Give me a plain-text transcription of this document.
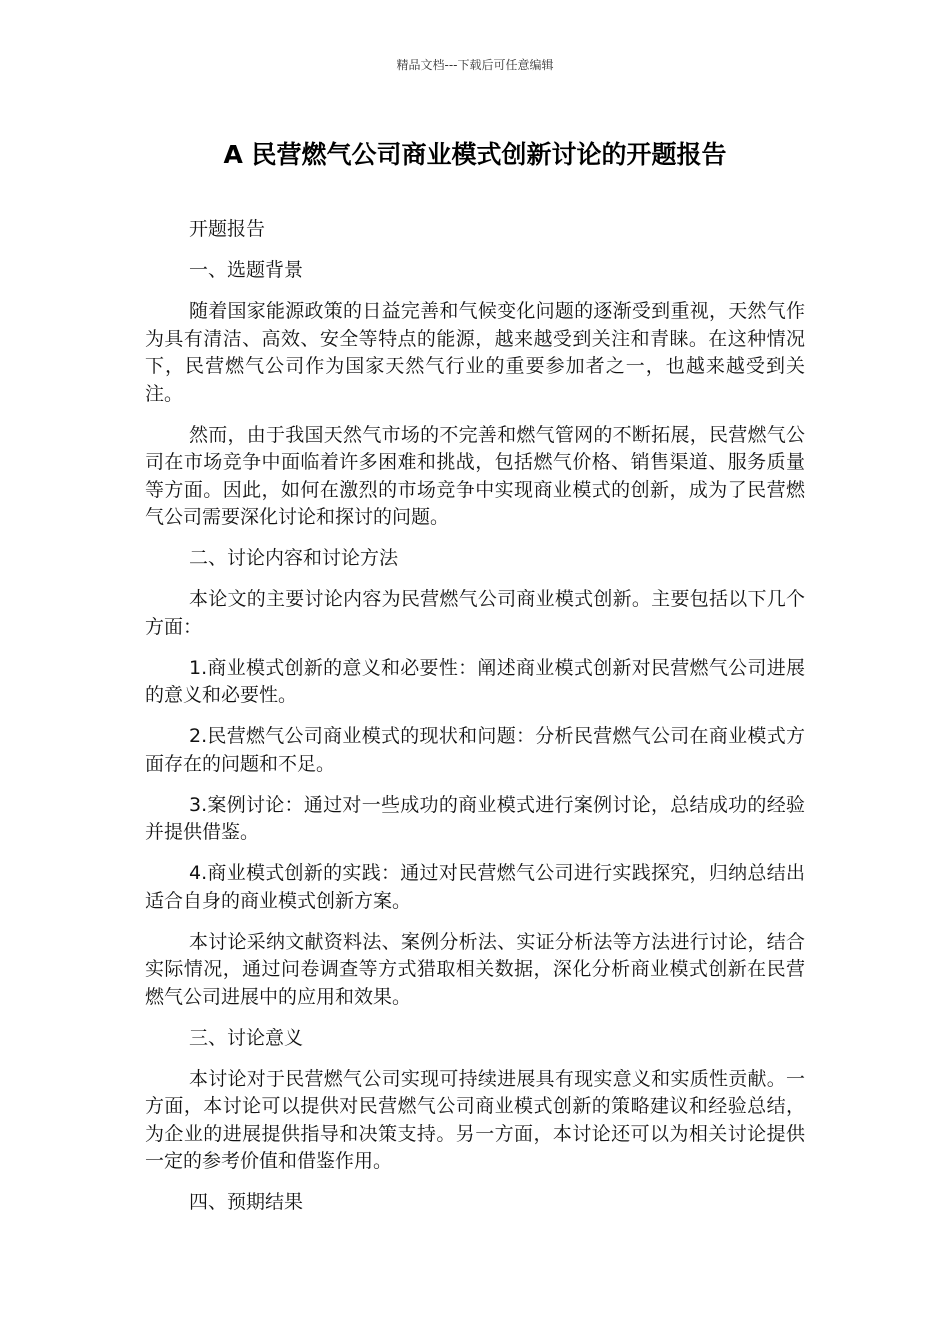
精品文档---下载后可任意编辑
A 民营燃气公司商业模式创新讨论的开题报告

开题报告

一、选题背景

随着国家能源政策的日益完善和气候变化问题的逐渐受到重视，天然气作为具有清洁、高效、安全等特点的能源，越来越受到关注和青睐。在这种情况下，民营燃气公司作为国家天然气行业的重要参加者之一，也越来越受到关注。

然而，由于我国天然气市场的不完善和燃气管网的不断拓展，民营燃气公司在市场竞争中面临着许多困难和挑战，包括燃气价格、销售渠道、服务质量等方面。因此，如何在激烈的市场竞争中实现商业模式的创新，成为了民营燃气公司需要深化讨论和探讨的问题。

二、讨论内容和讨论方法

本论文的主要讨论内容为民营燃气公司商业模式创新。主要包括以下几个方面：

1.商业模式创新的意义和必要性：阐述商业模式创新对民营燃气公司进展的意义和必要性。

2.民营燃气公司商业模式的现状和问题：分析民营燃气公司在商业模式方面存在的问题和不足。

3.案例讨论：通过对一些成功的商业模式进行案例讨论，总结成功的经验并提供借鉴。

4.商业模式创新的实践：通过对民营燃气公司进行实践探究，归纳总结出适合自身的商业模式创新方案。

本讨论采纳文献资料法、案例分析法、实证分析法等方法进行讨论，结合实际情况，通过问卷调查等方式猎取相关数据，深化分析商业模式创新在民营燃气公司进展中的应用和效果。

三、讨论意义

本讨论对于民营燃气公司实现可持续进展具有现实意义和实质性贡献。一方面，本讨论可以提供对民营燃气公司商业模式创新的策略建议和经验总结，为企业的进展提供指导和决策支持。另一方面，本讨论还可以为相关讨论提供一定的参考价值和借鉴作用。

四、预期结果
